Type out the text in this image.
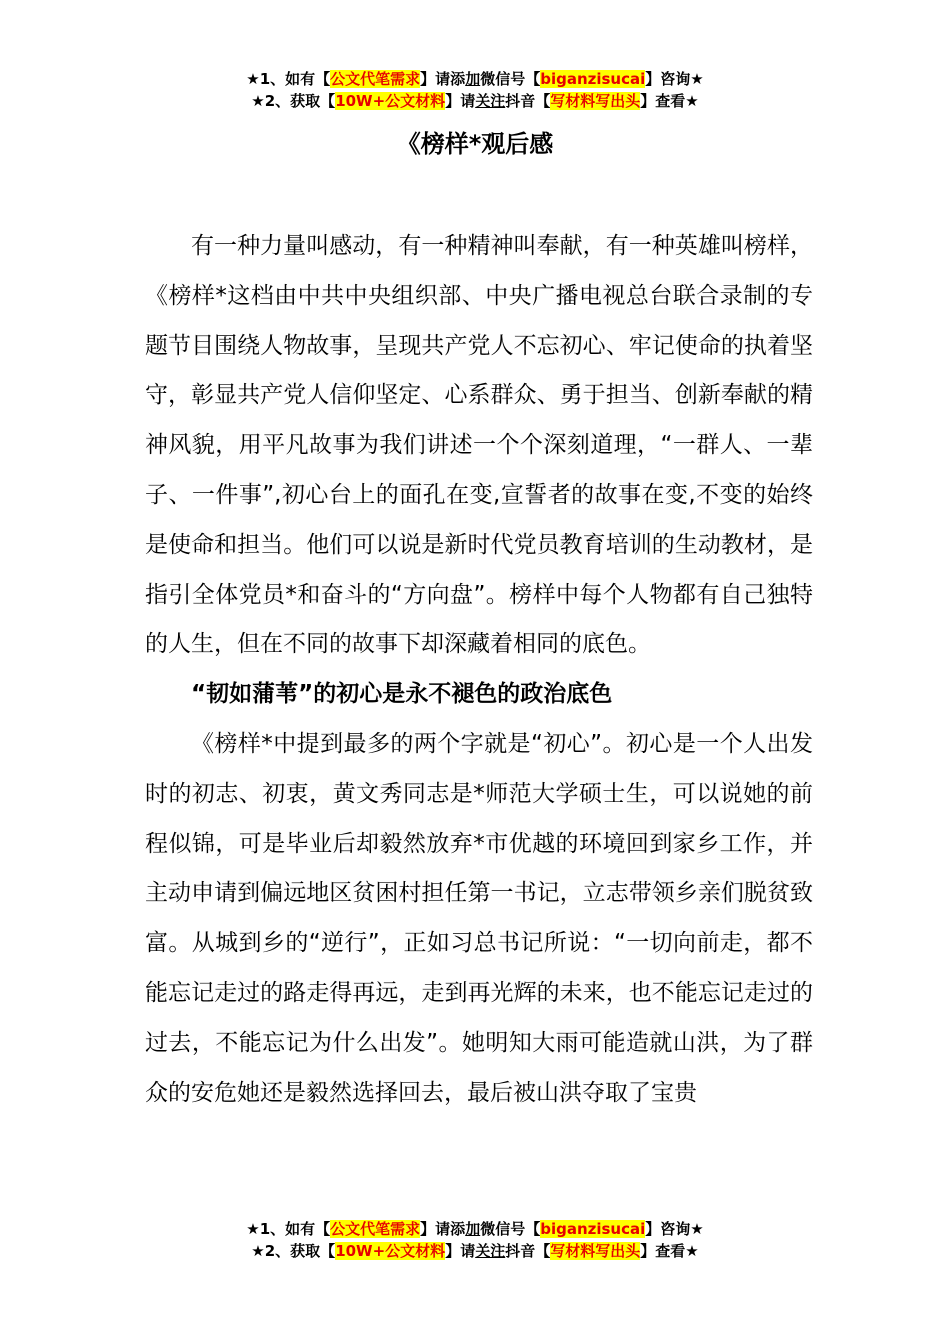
★1、如有【公文代笔需求】请添加微信号【biganzisucai】咨询★
★2、获取【10W+公文材料】请关注抖音【写材料写出头】查看★
《榜样*观后感

有一种力量叫感动，有一种精神叫奉献，有一种英雄叫榜样，《榜样*这档由中共中央组织部、中央广播电视总台联合录制的专题节目围绕人物故事，呈现共产党人不忘初心、牢记使命的执着坚守，彰显共产党人信仰坚定、心系群众、勇于担当、创新奉献的精神风貌，用平凡故事为我们讲述一个个深刻道理，“一群人、一辈子、一件事”,初心台上的面孔在变,宣誓者的故事在变,不变的始终是使命和担当。他们可以说是新时代党员教育培训的生动教材，是指引全体党员*和奋斗的“方向盘”。榜样中每个人物都有自己独特的人生，但在不同的故事下却深藏着相同的底色。

“韧如蒲苇”的初心是永不褪色的政治底色

《榜样*中提到最多的两个字就是“初心”。初心是一个人出发时的初志、初衷，黄文秀同志是*师范大学硕士生，可以说她的前程似锦，可是毕业后却毅然放弃*市优越的环境回到家乡工作，并主动申请到偏远地区贫困村担任第一书记，立志带领乡亲们脱贫致富。从城到乡的“逆行”，正如习总书记所说：“一切向前走，都不能忘记走过的路走得再远，走到再光辉的未来，也不能忘记走过的过去，不能忘记为什么出发”。她明知大雨可能造就山洪，为了群众的安危她还是毅然选择回去，最后被山洪夺取了宝贵

★1、如有【公文代笔需求】请添加微信号【biganzisucai】咨询★
★2、获取【10W+公文材料】请关注抖音【写材料写出头】查看★
